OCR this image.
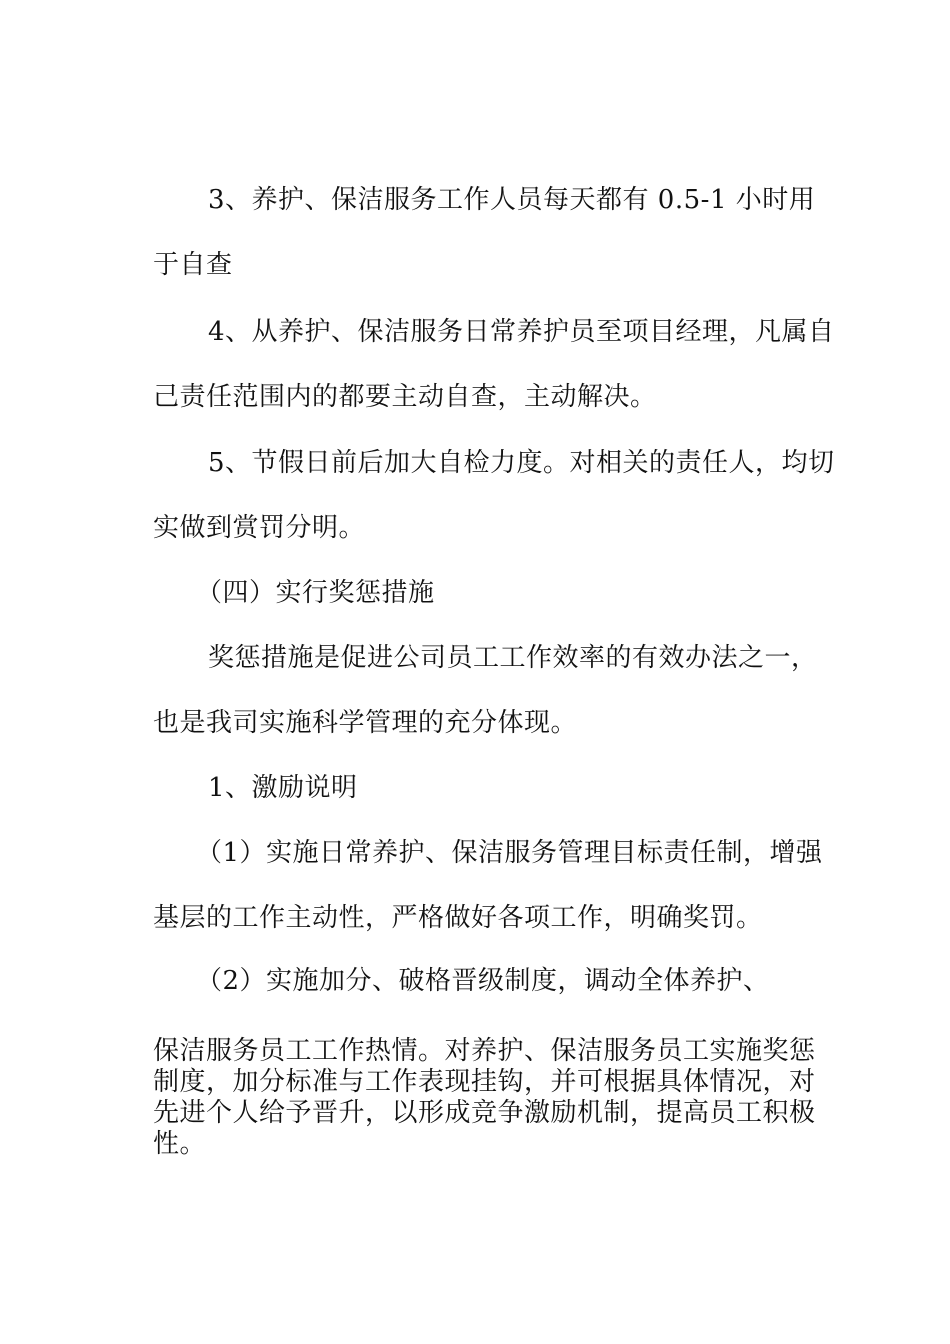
3、养护、保洁服务工作人员每天都有 0.5-1 小时用
于自查

4、从养护、保洁服务日常养护员至项目经理，凡属自
己责任范围内的都要主动自查，主动解决。

5、节假日前后加大自检力度。对相关的责任人，均切
实做到赏罚分明。

（四）实行奖惩措施

奖惩措施是促进公司员工工作效率的有效办法之一，
也是我司实施科学管理的充分体现。

1、激励说明

（1）实施日常养护、保洁服务管理目标责任制，增强
基层的工作主动性，严格做好各项工作，明确奖罚。

（2）实施加分、破格晋级制度，调动全体养护、

保洁服务员工工作热情。对养护、保洁服务员工实施奖惩制度，加分标准与工作表现挂钩，并可根据具体情况，对先进个人给予晋升，以形成竞争激励机制，提高员工积极性。
